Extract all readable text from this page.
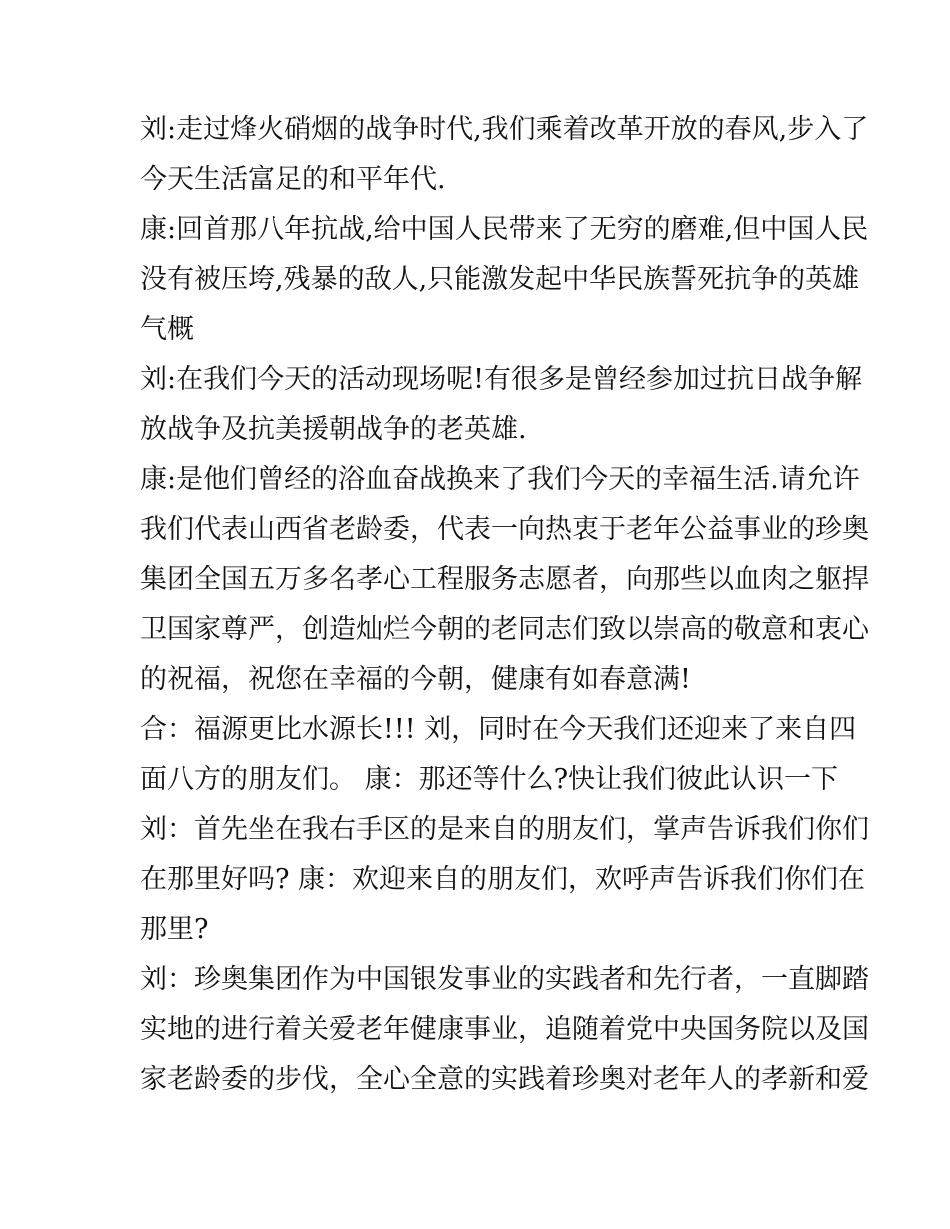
刘:走过烽火硝烟的战争时代,我们乘着改革开放的春风,步入了
今天生活富足的和平年代.
康:回首那八年抗战,给中国人民带来了无穷的磨难,但中国人民
没有被压垮,残暴的敌人,只能激发起中华民族誓死抗争的英雄
气概
刘:在我们今天的活动现场呢!有很多是曾经参加过抗日战争解
放战争及抗美援朝战争的老英雄.
康:是他们曾经的浴血奋战换来了我们今天的幸福生活.请允许
我们代表山西省老龄委，代表一向热衷于老年公益事业的珍奥
集团全国五万多名孝心工程服务志愿者，向那些以血肉之躯捍
卫国家尊严，创造灿烂今朝的老同志们致以崇高的敬意和衷心
的祝福，祝您在幸福的今朝，健康有如春意满!
合：福源更比水源长!!! 刘，同时在今天我们还迎来了来自四
面八方的朋友们。 康：那还等什么?快让我们彼此认识一下
刘：首先坐在我右手区的是来自的朋友们，掌声告诉我们你们
在那里好吗? 康：欢迎来自的朋友们，欢呼声告诉我们你们在
那里?
刘：珍奥集团作为中国银发事业的实践者和先行者，一直脚踏
实地的进行着关爱老年健康事业，追随着党中央国务院以及国
家老龄委的步伐，全心全意的实践着珍奥对老年人的孝新和爱
